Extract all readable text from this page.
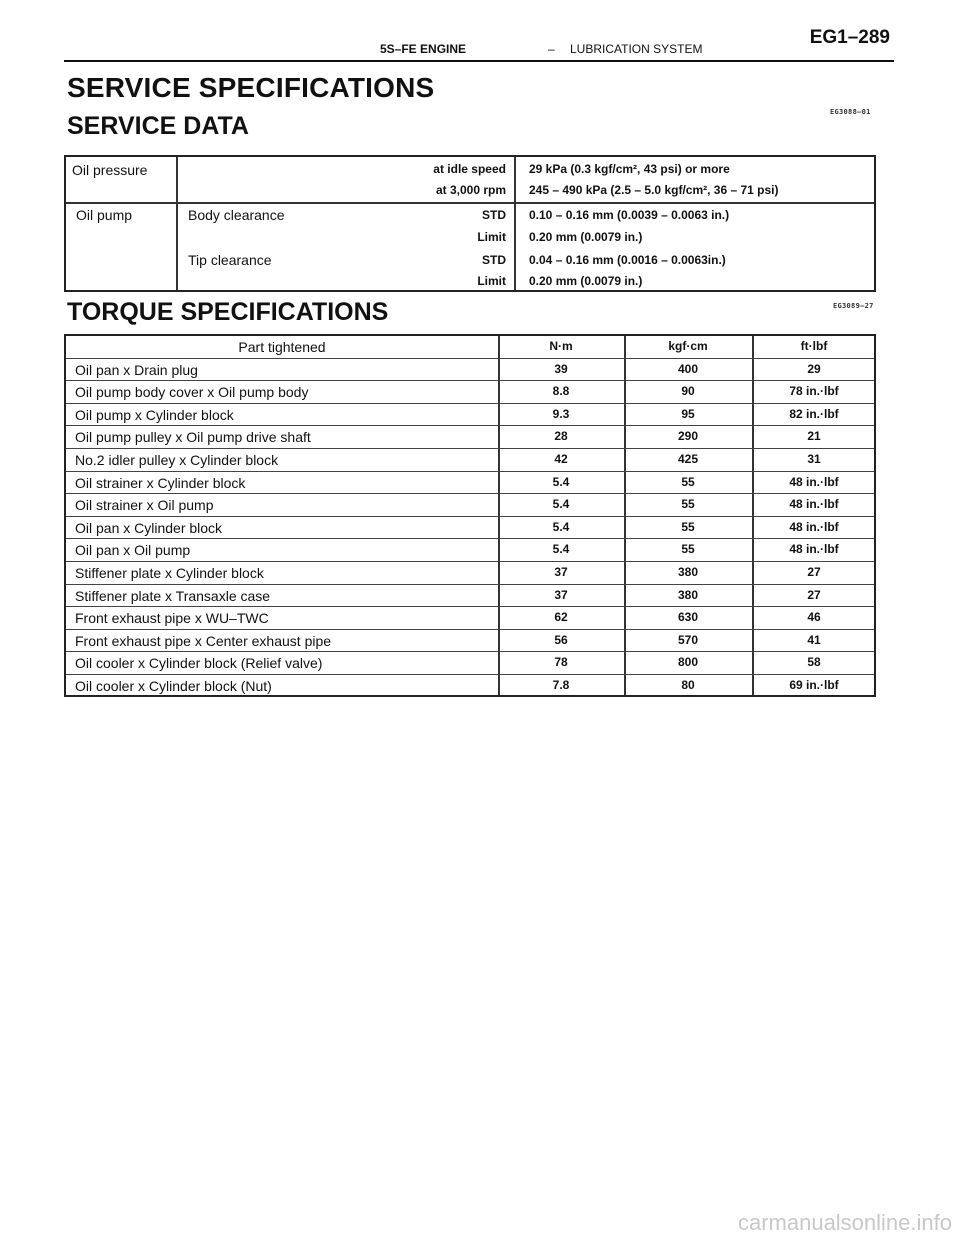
5S–FE ENGINE	– LUBRICATION SYSTEM
EG1–289
SERVICE SPECIFICATIONS
SERVICE DATA	EG3088–01
Oil pressure	at idle speed 29 kPa (0.3 kgf/cm², 43 psi) or more
at 3,000 rpm 245 – 490 kPa (2.5 – 5.0 kgf/cm², 36 – 71 psi)
Oil pump	Body clearance	STD 0.10 – 0.16 mm (0.0039 – 0.0063 in.)
Limit 0.20 mm (0.0079 in.)
Tip clearance	STD 0.04 – 0.16 mm (0.0016 – 0.0063in.)
Limit 0.20 mm (0.0079 in.)
TORQUE SPECIFICATIONS	EG3089–27
Part tightened	N·m	kgf·cm	ft·lbf
Oil pan x Drain plug	39	400	29
Oil pump body cover x Oil pump body	8.8	90	78 in.·lbf
Oil pump x Cylinder block	9.3	95	82 in.·lbf
Oil pump pulley x Oil pump drive shaft	28	290	21
No.2 idler pulley x Cylinder block	42	425	31
Oil strainer x Cylinder block	5.4	55	48 in.·lbf
Oil strainer x Oil pump	5.4	55	48 in.·lbf
Oil pan x Cylinder block	5.4	55	48 in.·lbf
Oil pan x Oil pump	5.4	55	48 in.·lbf
Stiffener plate x Cylinder block	37	380	27
Stiffener plate x Transaxle case	37	380	27
Front exhaust pipe x WU–TWC	62	630	46
Front exhaust pipe x Center exhaust pipe	56	570	41
Oil cooler x Cylinder block (Relief valve)	78	800	58
Oil cooler x Cylinder block (Nut)	7.8	80	69 in.·lbf
carmanualsonline.info
